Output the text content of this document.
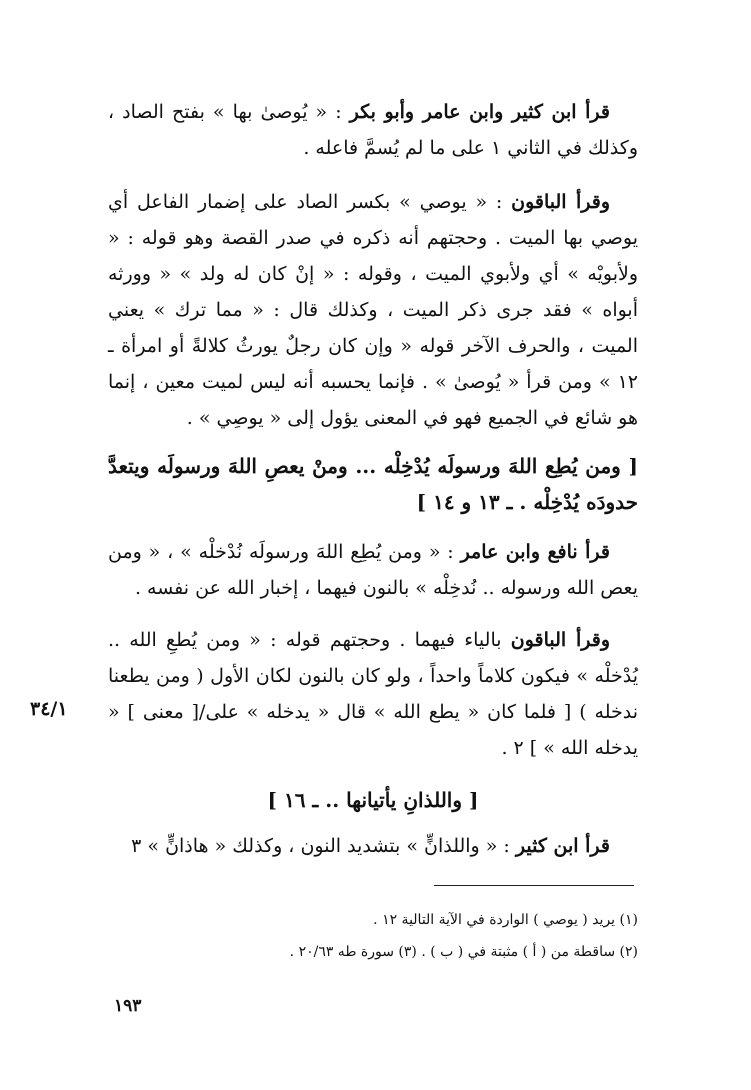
قرأ ابن كثير وابن عامر وأبو بكر : « يُوصىٰ بها » بفتح الصاد ، وكذلك في الثاني ١ على ما لم يُسمَّ فاعله .

وقرأ الباقون : « يوصي » بكسر الصاد على إضمار الفاعل أي يوصي بها الميت . وحجتهم أنه ذكره في صدر القصة وهو قوله : « ولأبويْه » أي ولأبوي الميت ، وقوله : « إنْ كان له ولد » « وورثه أبواه » فقد جرى ذكر الميت ، وكذلك قال : « مما ترك » يعني الميت ، والحرف الآخر قوله « وإن كان رجلٌ يورثُ كلالةً أو امرأة ـ ١٢ » ومن قرأ « يُوصىٰ » . فإنما يحسبه أنه ليس لميت معين ، إنما هو شائع في الجميع فهو في المعنى يؤول إلى « يوصِي » .

[ ومن يُطِع اللهَ ورسولَه يُدْخِلْه ... ومنْ يعصِ اللهَ ورسولَه ويتعدَّ حدودَه يُدْخِلْه . ـ ١٣ و ١٤ ]

قرأ نافع وابن عامر : « ومن يُطِع اللهَ ورسولَه نُدْخلْه » ، « ومن يعص الله ورسوله .. نُدخِلْه » بالنون فيهما ، إخبار الله عن نفسه .

وقرأ الباقون بالياء فيهما . وحجتهم قوله : « ومن يُطعِ الله .. يُدْخلْه » فيكون كلاماً واحداً ، ولو كان بالنون لكان الأول ( ومن يطعنا ندخله ) [ فلما كان « يطع الله » قال « يدخله » على/[ معنى ] « يدخله الله » ] ٢ .

٣٤/١

[ واللذانِ يأتيانها .. ـ ١٦ ]

قرأ ابن كثير : « واللذانٍّ » بتشديد النون ، وكذلك « هاذانٍّ » ٣

(١) يريد ( يوصي ) الواردة في الآية التالية ١٢ .
(٢) ساقطة من ( أ ) مثبتة في ( ب ) . (٣) سورة طه ٢٠/٦٣ .
١٩٣
